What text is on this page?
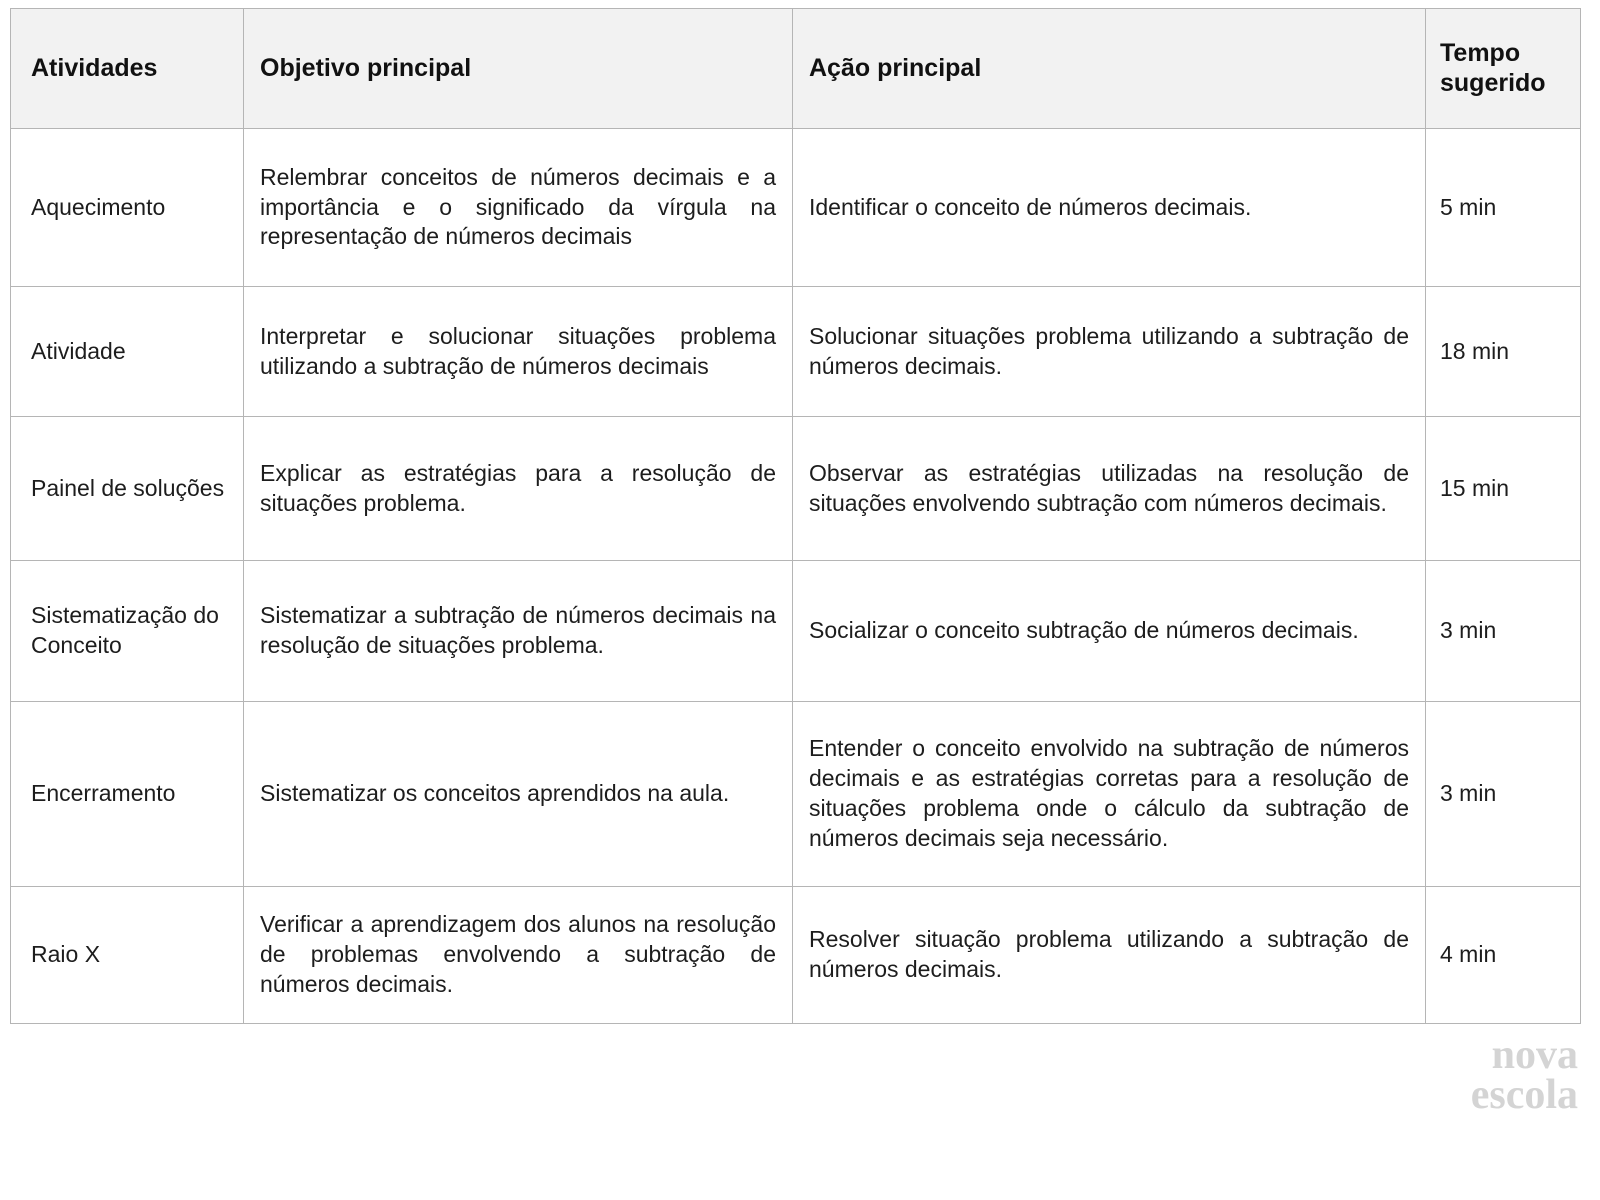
Atividades	Objetivo principal	Ação principal	Tempo sugerido

Aquecimento	Relembrar conceitos de números decimais e a importância e o significado da vírgula na representação de números decimais	Identificar o conceito de números decimais.	5 min

Atividade	Interpretar e solucionar situações problema utilizando a subtração de números decimais	Solucionar situações problema utilizando a subtração de números decimais.	18 min

Painel de soluções	Explicar as estratégias para a resolução de situações problema.	Observar as estratégias utilizadas na resolução de situações envolvendo subtração com números decimais.	15 min

Sistematização do Conceito	Sistematizar a subtração de números decimais na resolução de situações problema.	Socializar o conceito subtração de números decimais.	3 min

Encerramento	Sistematizar os conceitos aprendidos na aula.	Entender o conceito envolvido na subtração de números decimais e as estratégias corretas para a resolução de situações problema onde o cálculo da subtração de números decimais seja necessário.	3 min

Raio X	Verificar a aprendizagem dos alunos na resolução de problemas envolvendo a subtração de números decimais.	Resolver situação problema utilizando a subtração de números decimais.	4 min

nova
escola
